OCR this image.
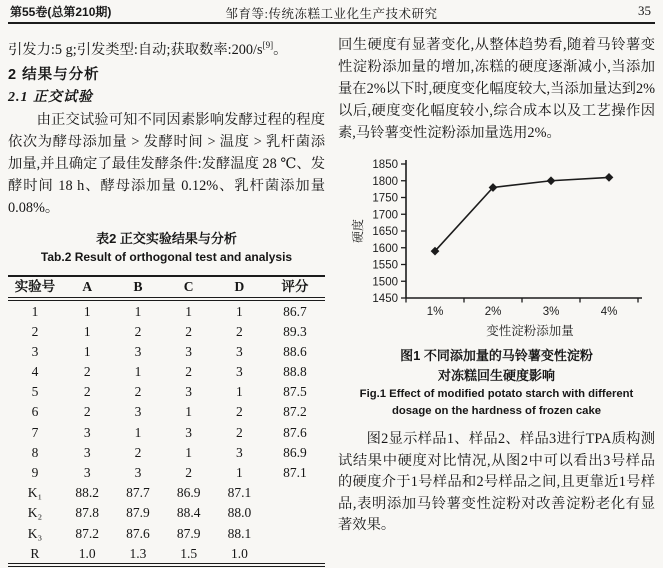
第55卷(总第210期)	邹育等:传统冻糕工业化生产技术研究	35

引发力:5 g;引发类型:自动;获取数率:200/s[9]。

2 结果与分析
2.1 正交试验

由正交试验可知不同因素影响发酵过程的程度依次为酵母添加量 > 发酵时间 > 温度 > 乳杆菌添加量,并且确定了最佳发酵条件:发酵温度 28 ℃、发酵时间 18 h、酵母添加量 0.12%、乳杆菌添加量 0.08%。

表2 正交实验结果与分析
Tab.2 Result of orthogonal test and analysis
实验号	A	B	C	D	评分
1	1	1	1	1	86.7
2	1	2	2	2	89.3
3	1	3	3	3	88.6
4	2	1	2	3	88.8
5	2	2	3	1	87.5
6	2	3	1	2	87.2
7	3	1	3	2	87.6
8	3	2	1	3	86.9
9	3	3	2	1	87.1
K₁	88.2	87.7	86.9	87.1	
K₂	87.8	87.9	88.4	88.0	
K₃	87.2	87.6	87.9	88.1	
R	1.0	1.3	1.5	1.0	

回生硬度有显著变化,从整体趋势看,随着马铃薯变性淀粉添加量的增加,冻糕的硬度逐渐减小,当添加量在2%以下时,硬度变化幅度较大,当添加量达到2%以后,硬度变化幅度较小,综合成本以及工艺操作因素,马铃薯变性淀粉添加量选用2%。

1450
1500
1550
1600
1650
1700
1750
1800
1850
硬度
1%	2%	3%	4%
变性淀粉添加量
图1 不同添加量的马铃薯变性淀粉
对冻糕回生硬度影响
Fig.1 Effect of modified potato starch with different
dosage on the hardness of frozen cake

图2显示样品1、样品2、样品3进行TPA质构测试结果中硬度对比情况,从图2中可以看出3号样品的硬度介于1号样品和2号样品之间,且更靠近1号样品,表明添加马铃薯变性淀粉对改善淀粉老化有显著效果。
